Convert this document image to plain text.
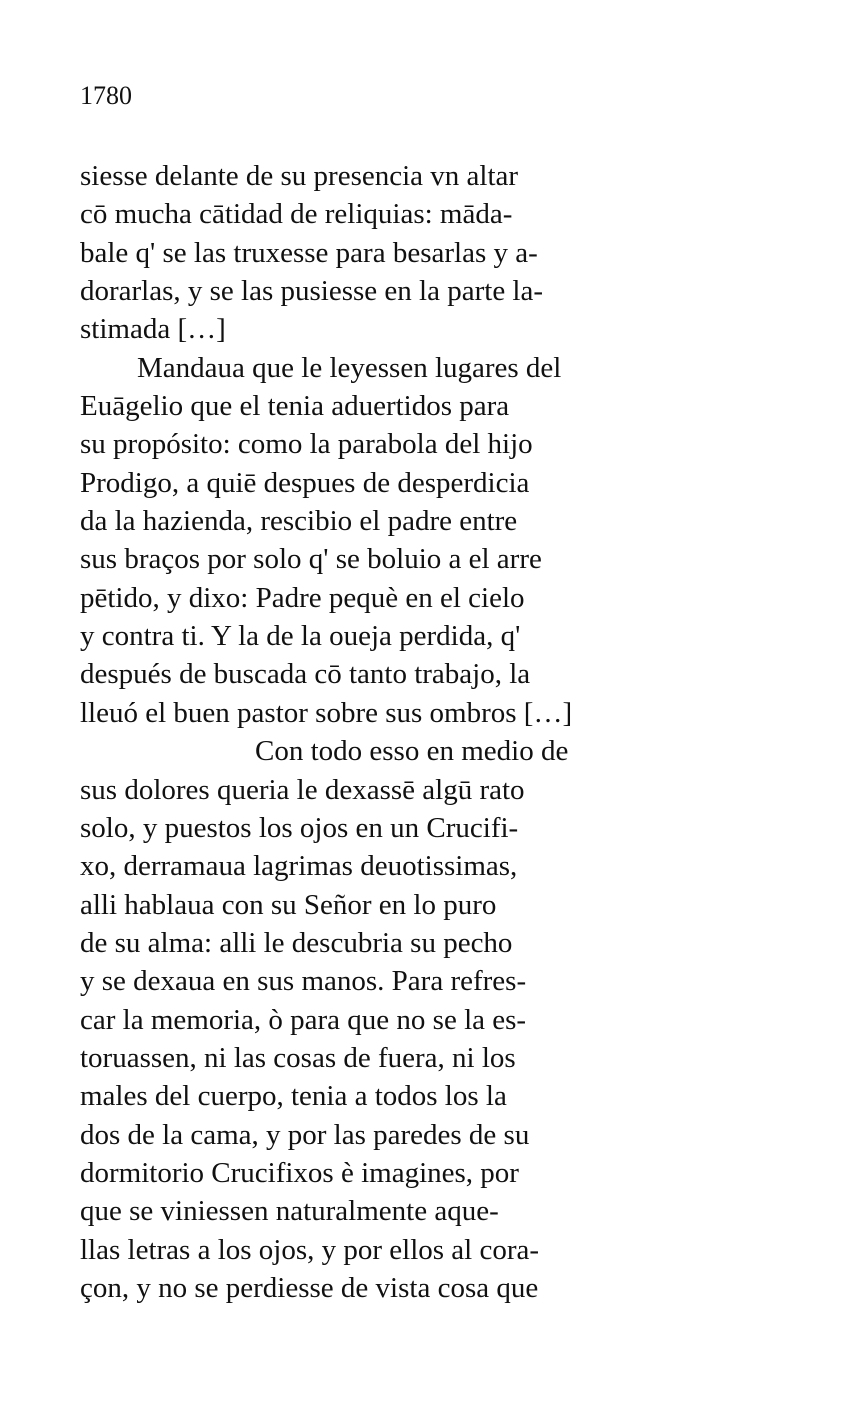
1780
siesse delante de su presencia vn altar
cō mucha cātidad de reliquias: māda-
bale q' se las truxesse para besarlas y a-
dorarlas, y se las pusiesse en la parte la-
stimada […]
Mandaua que le leyessen lugares del
Euāgelio que el tenia aduertidos para
su propósito: como la parabola del hijo
Prodigo, a quiē despues de desperdicia
da la hazienda, rescibio el padre entre
sus braços por solo q' se boluio a el arre
pētido, y dixo: Padre pequè en el cielo
y contra ti. Y la de la oueja perdida, q'
después de buscada cō tanto trabajo, la
lleuó el buen pastor sobre sus ombros […]
Con todo esso en medio de
sus dolores queria le dexassē algū rato
solo, y puestos los ojos en un Crucifi-
xo, derramaua lagrimas deuotissimas,
alli hablaua con su Señor en lo puro
de su alma: alli le descubria su pecho
y se dexaua en sus manos. Para refres-
car la memoria, ò para que no se la es-
toruassen, ni las cosas de fuera, ni los
males del cuerpo, tenia a todos los la
dos de la cama, y por las paredes de su
dormitorio Crucifixos è imagines, por
que se viniessen naturalmente aque-
llas letras a los ojos, y por ellos al cora-
çon, y no se perdiesse de vista cosa que
